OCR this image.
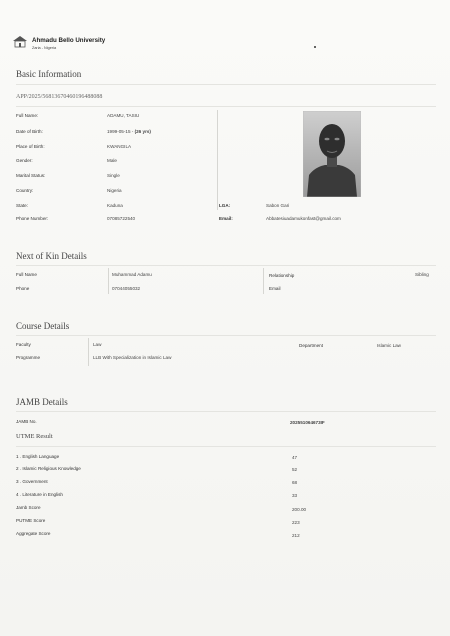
Ahmadu Bello University
Zaria - Nigeria
Basic Information
APP/2025/56813670460196488088
Full Name:	ADAMU, TASIU
Date of Birth:	1999-05-15 - (26 yrs)
Place of Birth:	KWANGILA
Gender:	Male
Marital Status:	Single
Country:	Nigeria
State:	Kaduna	LGA:	Sabon Gari
Phone Number:	07085722540	Email:	Abbatesiuadamukonfast@gmail.com
Next of Kin Details
Full Name	Muhammad Adamu	Relationship	Sibling
Phone	07044055032	Email
Course Details
Faculty	Law	Department	Islamic Law
Programme	LLB With Specialization in Islamic Law
JAMB Details
JAMB No.	202551064673IF
UTME Result
1 . English Language	47
2 . Islamic Religious Knowledge	52
3 . Government	68
4 . Literature in English	33
Jamb Score	200.00
PUTME Score	223
Aggregate Score	212
